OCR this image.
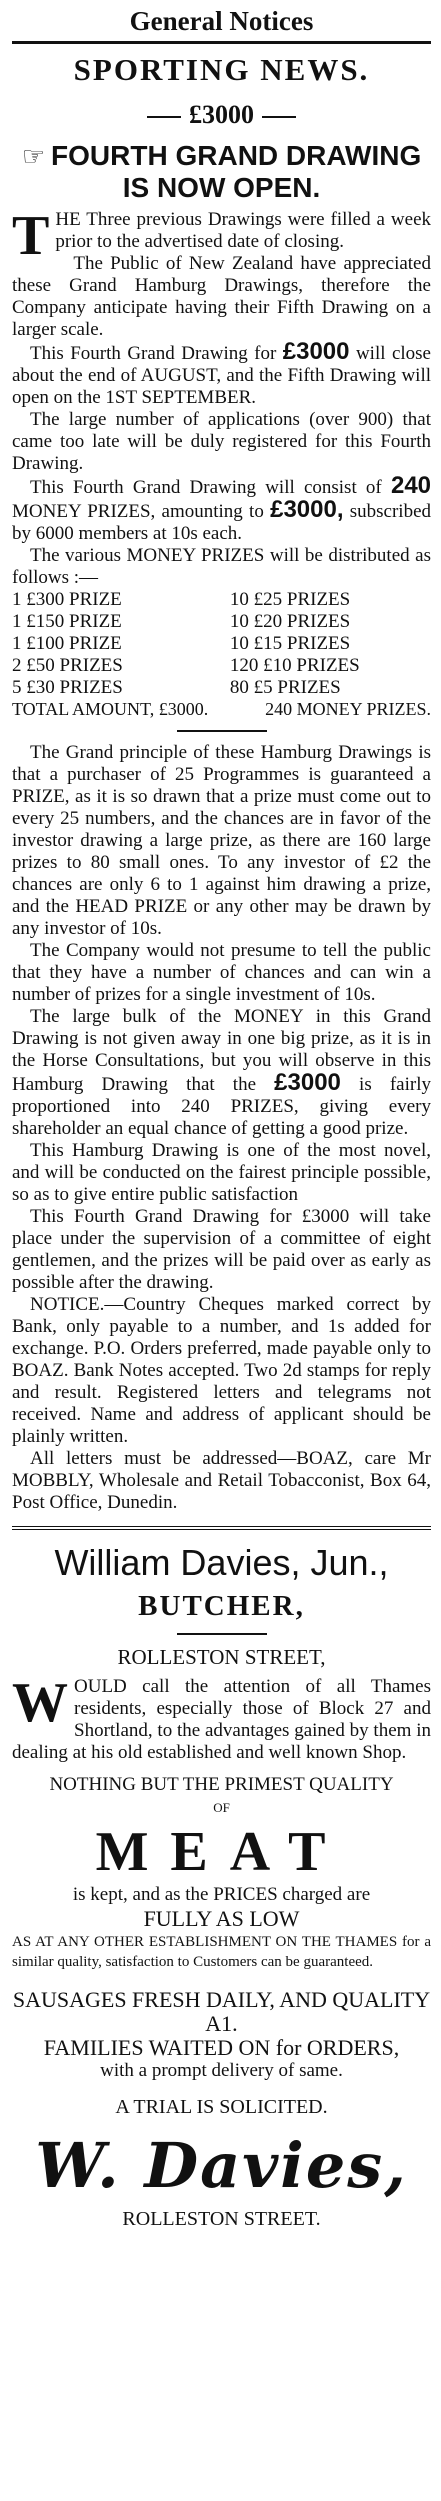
General Notices
SPORTING NEWS.
£3000
☞ FOURTH GRAND DRAWING IS NOW OPEN.

THE Three previous Drawings were filled a week prior to the advertised date of closing.

The Public of New Zealand have appreciated these Grand Hamburg Drawings, therefore the Company anticipate having their Fifth Drawing on a larger scale.

This Fourth Grand Drawing for £3000 will close about the end of AUGUST, and the Fifth Drawing will open on the 1ST SEPTEMBER.

The large number of applications (over 900) that came too late will be duly registered for this Fourth Drawing.

This Fourth Grand Drawing will consist of 240 MONEY PRIZES, amounting to £3000, subscribed by 6000 members at 10s each.

The various MONEY PRIZES will be distributed as follows :—

1 £300 PRIZE	10 £25 PRIZES
1 £150 PRIZE	10 £20 PRIZES
1 £100 PRIZE	10 £15 PRIZES
2 £50 PRIZES	120 £10 PRIZES
5 £30 PRIZES	80 £5 PRIZES
TOTAL AMOUNT, £3000.	240 MONEY PRIZES.

The Grand principle of these Hamburg Drawings is that a purchaser of 25 Programmes is guaranteed a PRIZE, as it is so drawn that a prize must come out to every 25 numbers, and the chances are in favor of the investor drawing a large prize, as there are 160 large prizes to 80 small ones. To any investor of £2 the chances are only 6 to 1 against him drawing a prize, and the HEAD PRIZE or any other may be drawn by any investor of 10s.

The Company would not presume to tell the public that they have a number of chances and can win a number of prizes for a single investment of 10s.

The large bulk of the MONEY in this Grand Drawing is not given away in one big prize, as it is in the Horse Consultations, but you will observe in this Hamburg Drawing that the £3000 is fairly proportioned into 240 PRIZES, giving every shareholder an equal chance of getting a good prize.

This Hamburg Drawing is one of the most novel, and will be conducted on the fairest principle possible, so as to give entire public satisfaction

This Fourth Grand Drawing for £3000 will take place under the supervision of a committee of eight gentlemen, and the prizes will be paid over as early as possible after the drawing.

NOTICE.—Country Cheques marked correct by Bank, only payable to a number, and 1s added for exchange. P.O. Orders preferred, made payable only to BOAZ. Bank Notes accepted. Two 2d stamps for reply and result. Registered letters and telegrams not received. Name and address of applicant should be plainly written.

All letters must be addressed—BOAZ, care Mr MOBBLY, Wholesale and Retail Tobacconist, Box 64, Post Office, Dunedin.

William Davies, Jun.,
BUTCHER,
ROLLESTON STREET,

WOULD call the attention of all Thames residents, especially those of Block 27 and Shortland, to the advantages gained by them in dealing at his old established and well known Shop.

NOTHING BUT THE PRIMEST QUALITY
OF
MEAT

is kept, and as the PRICES charged are

FULLY AS LOW

AS AT ANY OTHER ESTABLISHMENT ON THE THAMES for a similar quality, satisfaction to Customers can be guaranteed.

SAUSAGES FRESH DAILY, AND QUALITY A1.
FAMILIES WAITED ON for ORDERS,
with a prompt delivery of same.
A TRIAL IS SOLICITED.
W. Davies,
ROLLESTON STREET.
